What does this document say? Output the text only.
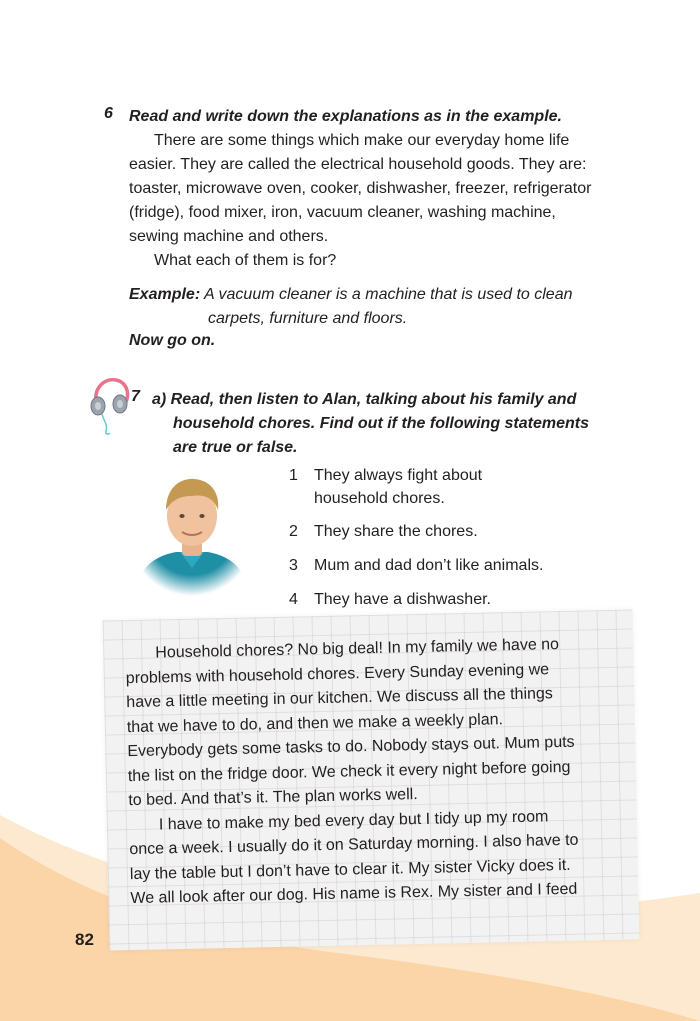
6 Read and write down the explanations as in the example.

There are some things which make our everyday home life
easier. They are called the electrical household goods. They are:
toaster, microwave oven, cooker, dishwasher, freezer, refrigerator
(fridge), food mixer, iron, vacuum cleaner, washing machine,
sewing machine and others.
What each of them is for?

Example: A vacuum cleaner is a machine that is used to clean
carpets, furniture and floors.
Now go on.
7 a) Read, then listen to Alan, talking about his family and
household chores. Find out if the following statements
are true or false.
1 They always fight about
household chores.
2 They share the chores.
3 Mum and dad don’t like animals.
4 They have a dishwasher.
Household chores? No big deal! In my family we have no
problems with household chores. Every Sunday evening we
have a little meeting in our kitchen. We discuss all the things
that we have to do, and then we make a weekly plan.
Everybody gets some tasks to do. Nobody stays out. Mum puts
the list on the fridge door. We check it every night before going
to bed. And that’s it. The plan works well.
I have to make my bed every day but I tidy up my room
once a week. I usually do it on Saturday morning. I also have to
lay the table but I don’t have to clear it. My sister Vicky does it.
We all look after our dog. His name is Rex. My sister and I feed
82
